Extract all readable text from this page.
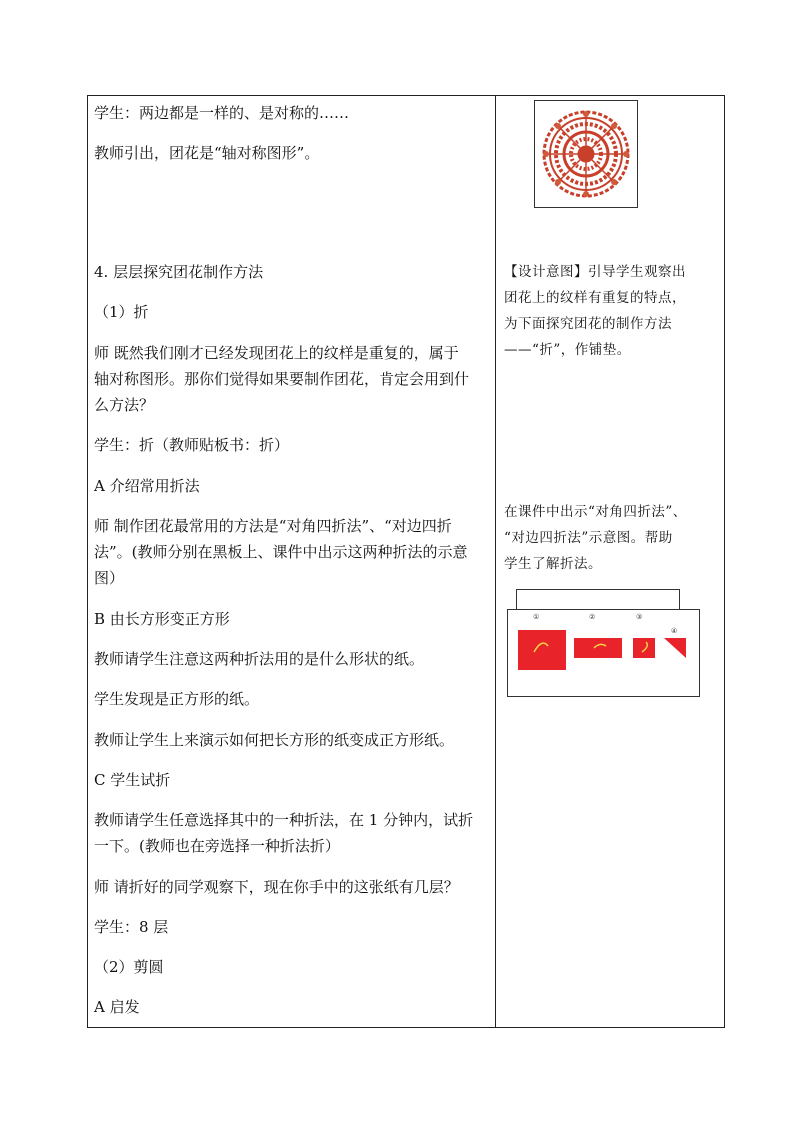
学生：两边都是一样的、是对称的……
教师引出，团花是“轴对称图形”。
4. 层层探究团花制作方法
（1）折
师 既然我们刚才已经发现团花上的纹样是重复的，属于
轴对称图形。那你们觉得如果要制作团花，肯定会用到什
么方法？
学生：折（教师贴板书：折）
A 介绍常用折法
师 制作团花最常用的方法是“对角四折法”、“对边四折
法”。(教师分别在黑板上、课件中出示这两种折法的示意
图）
B 由长方形变正方形
教师请学生注意这两种折法用的是什么形状的纸。
学生发现是正方形的纸。
教师让学生上来演示如何把长方形的纸变成正方形纸。
C 学生试折
教师请学生任意选择其中的一种折法，在 1 分钟内，试折
一下。(教师也在旁选择一种折法折）
师 请折好的同学观察下，现在你手中的这张纸有几层？
学生：8 层
（2）剪圆
A 启发
【设计意图】引导学生观察出
团花上的纹样有重复的特点，
为下面探究团花的制作方法
——“折”，作铺垫。
在课件中出示“对角四折法”、
“对边四折法”示意图。帮助
学生了解折法。
①	②	③
④
